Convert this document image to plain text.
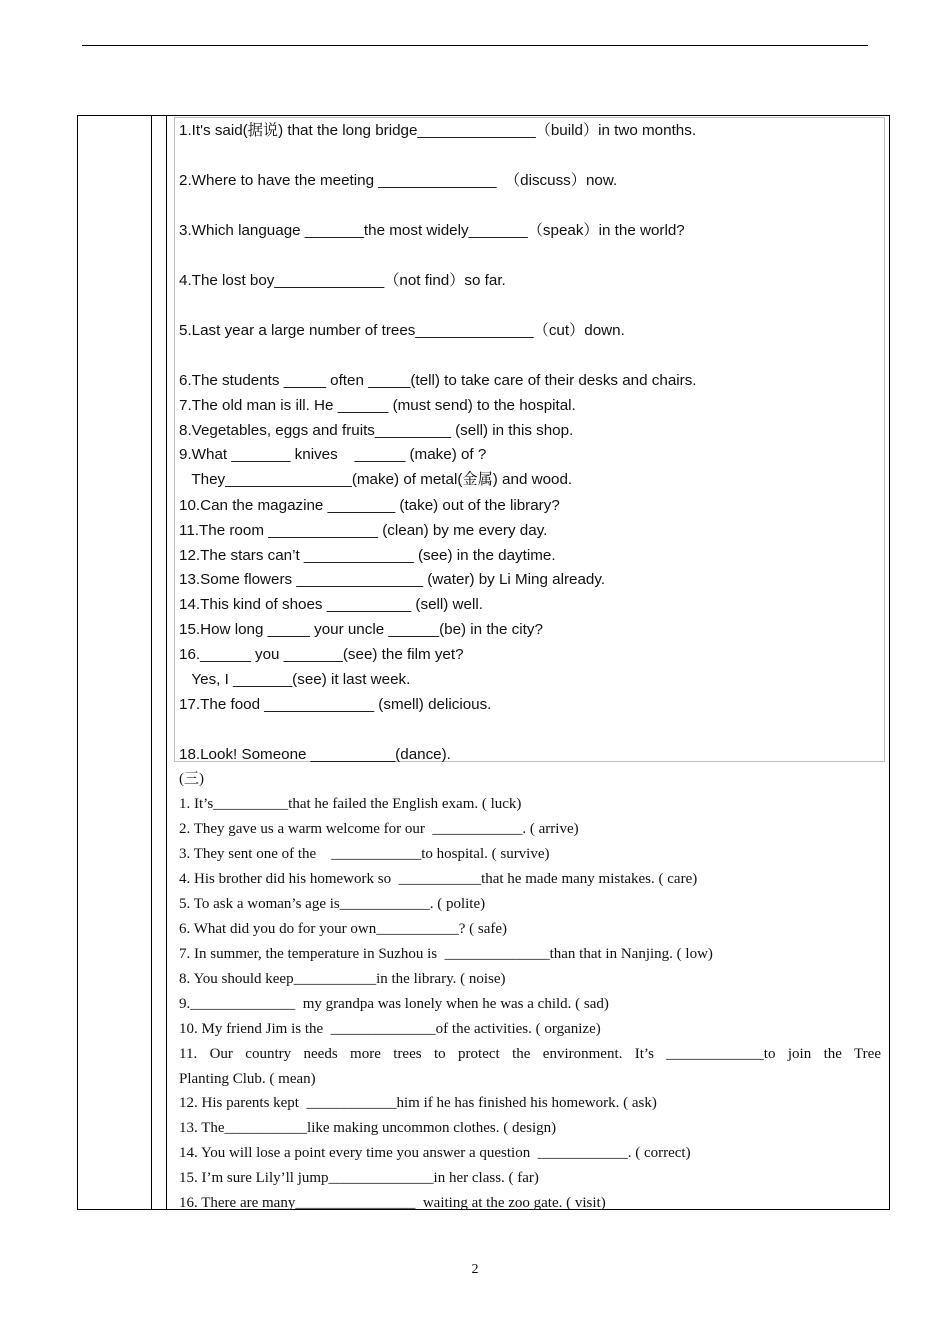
1.It's said(据说) that the long bridge______________（build）in two months.
2.Where to have the meeting ______________  （discuss）now.
3.Which language _______the most widely_______（speak）in the world?
4.The lost boy_____________（not find）so far.
5.Last year a large number of trees______________（cut）down.
6.The students _____ often _____(tell) to take care of their desks and chairs.
7.The old man is ill. He ______ (must send) to the hospital.
8.Vegetables, eggs and fruits_________ (sell) in this shop.
9.What _______ knives    ______ (make) of ?
They_______________(make) of metal(金属) and wood.
10.Can the magazine ________ (take) out of the library?
11.The room _____________ (clean) by me every day.
12.The stars can’t _____________ (see) in the daytime.
13.Some flowers _______________ (water) by Li Ming already.
14.This kind of shoes __________ (sell) well.
15.How long _____ your uncle ______(be) in the city?
16.______ you _______(see) the film yet?
Yes, I _______(see) it last week.
17.The food _____________ (smell) delicious.
18.Look! Someone __________(dance).
(三)
1. It’s__________that he failed the English exam. ( luck)
2. They gave us a warm welcome for our  ____________. ( arrive)
3. They sent one of the    ____________to hospital. ( survive)
4. His brother did his homework so  ___________that he made many mistakes. ( care)
5. To ask a woman’s age is____________. ( polite)
6. What did you do for your own___________? ( safe)
7. In summer, the temperature in Suzhou is  ______________than that in Nanjing. ( low)
8. You should keep___________in the library. ( noise)
9.______________  my grandpa was lonely when he was a child. ( sad)
10. My friend Jim is the  ______________of the activities. ( organize)
11. Our country needs more trees to protect the environment. It’s _____________to join the Tree
Planting Club. ( mean)
12. His parents kept  ____________him if he has finished his homework. ( ask)
13. The___________like making uncommon clothes. ( design)
14. You will lose a point every time you answer a question  ____________. ( correct)
15. I’m sure Lily’ll jump______________in her class. ( far)
16. There are many________________  waiting at the zoo gate. ( visit)
2
